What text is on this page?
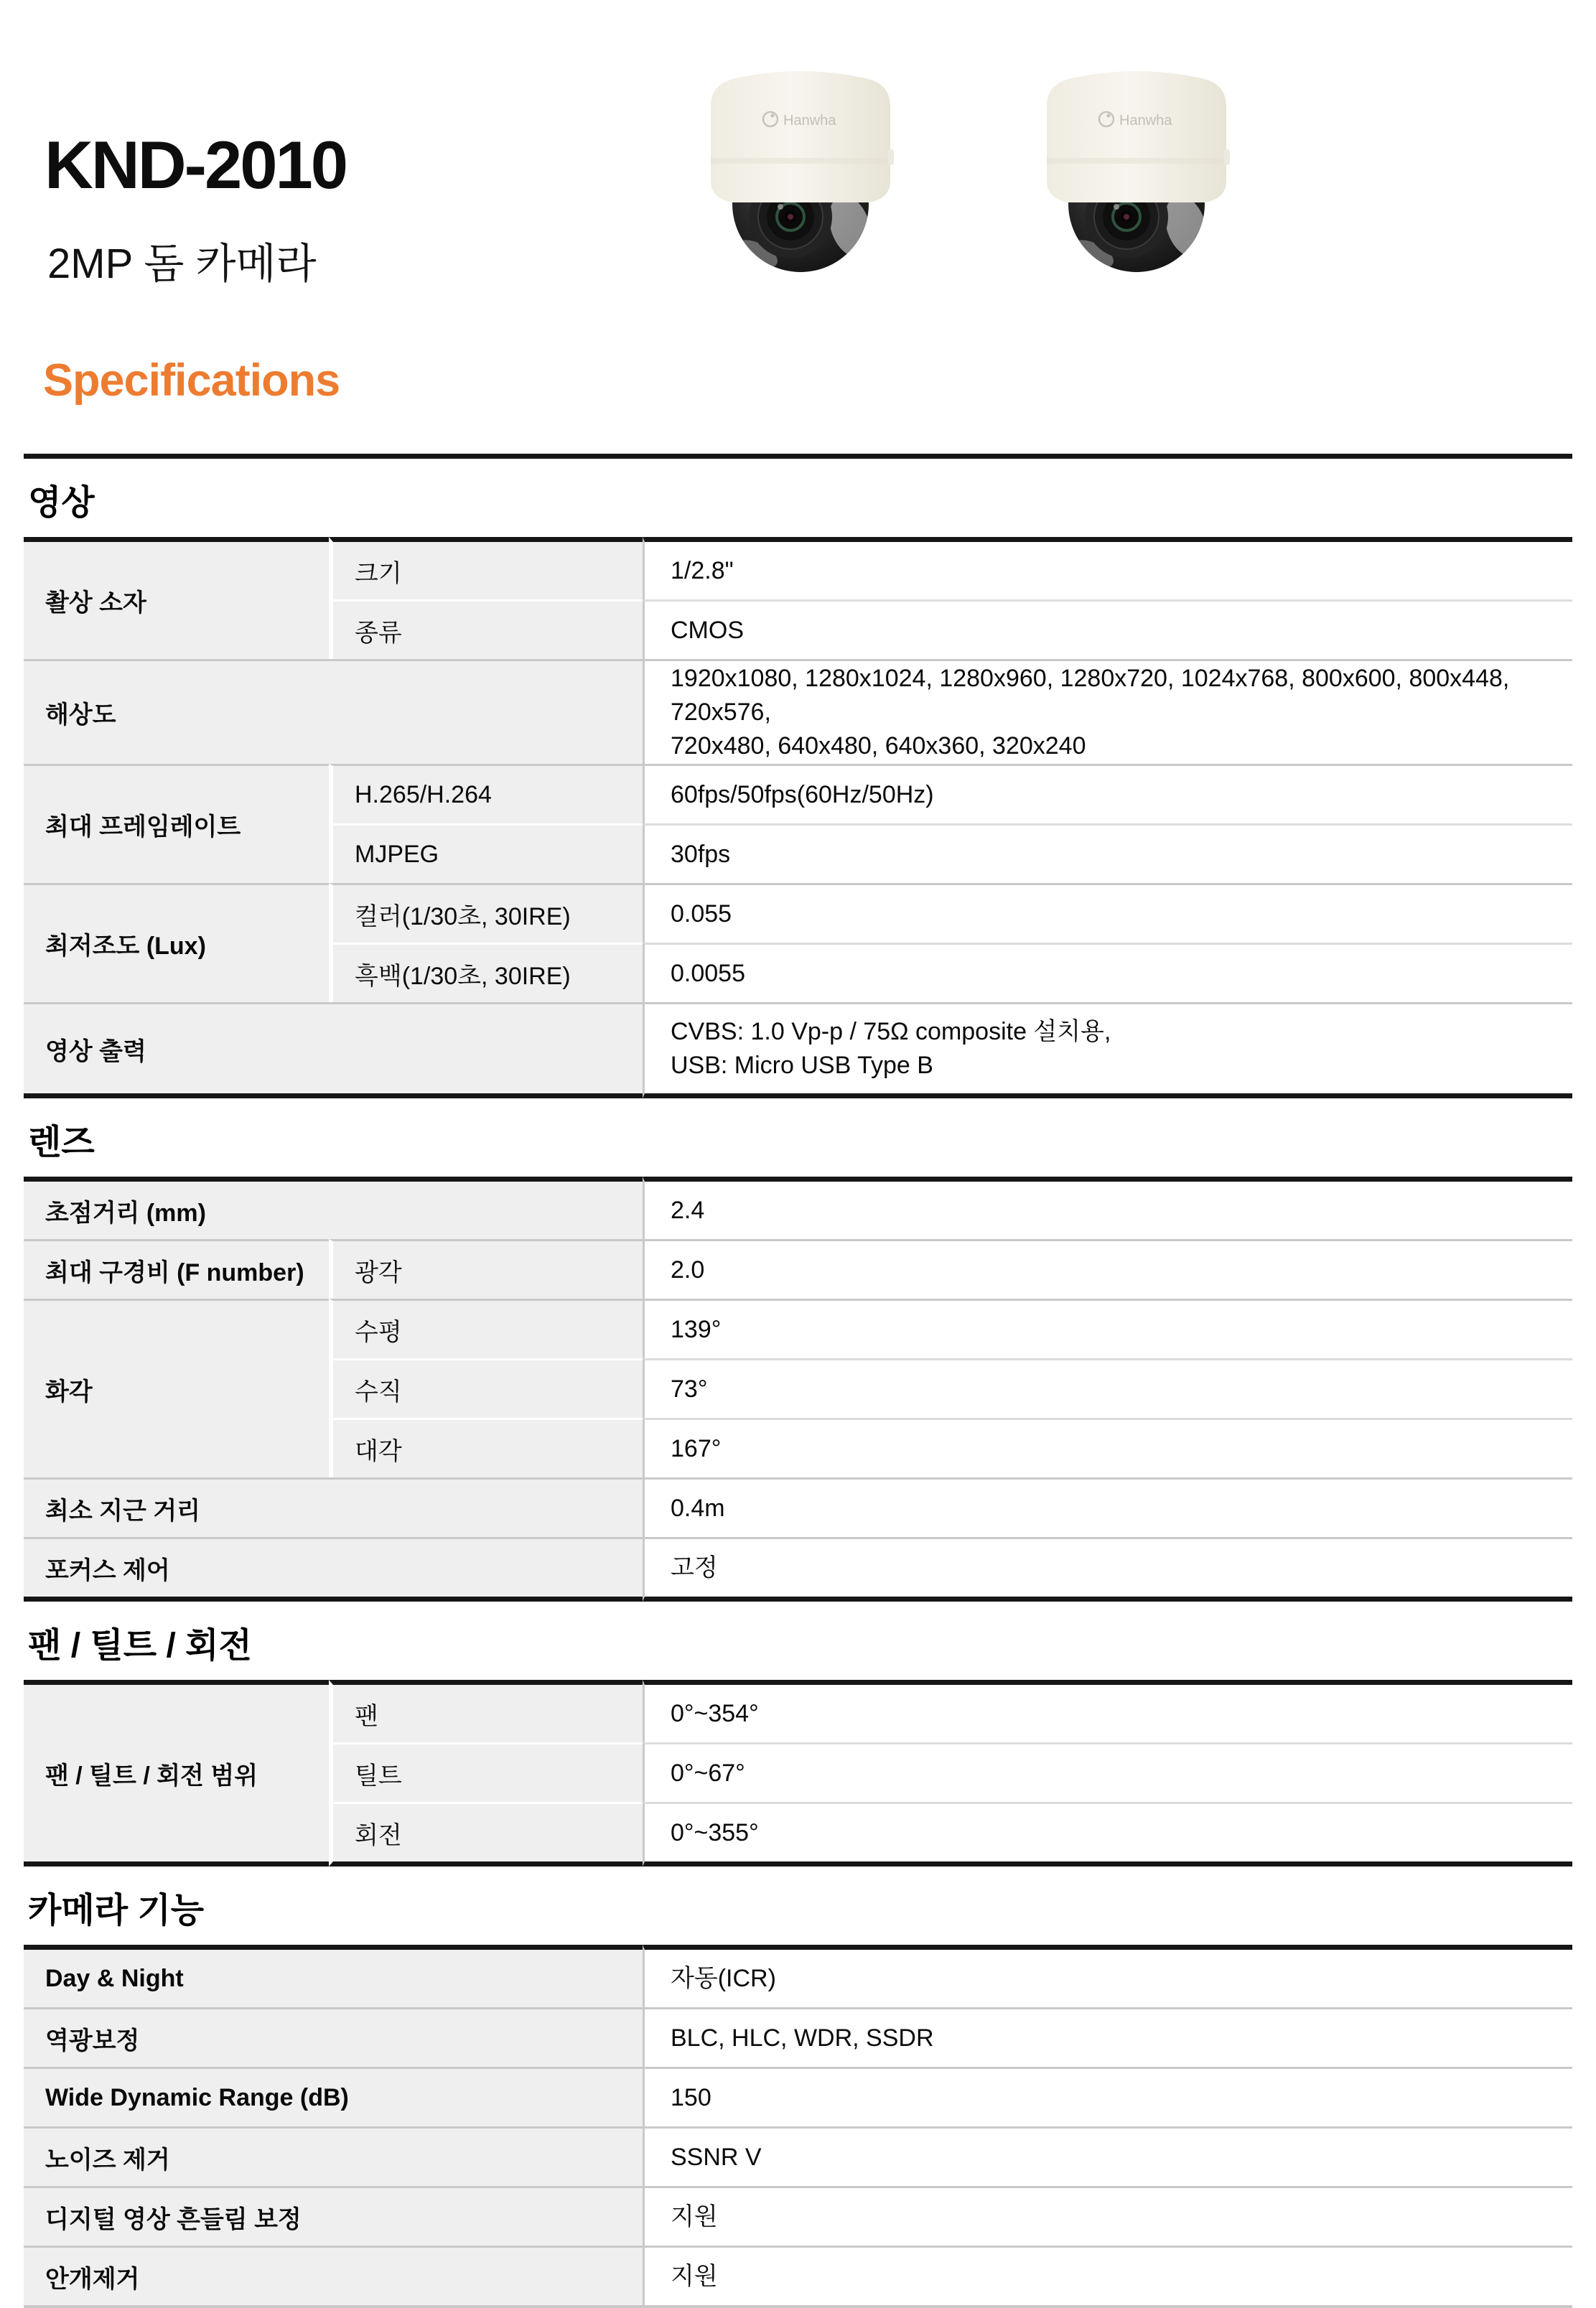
KND-2010
2MP 돔 카메라
Specifications
영상
촬상 소자	크기	1/2.8"
	종류	CMOS
해상도		1920x1080, 1280x1024, 1280x960, 1280x720, 1024x768, 800x600, 800x448, 720x576,
720x480, 640x480, 640x360, 320x240

최대 프레임레이트	H.265/H.264	60fps/50fps(60Hz/50Hz)
	MJPEG	30fps
최저조도 (Lux)	컬러(1/30초, 30IRE)	0.055
	흑백(1/30초, 30IRE)	0.0055
영상 출력		CVBS: 1.0 Vp-p / 75Ω composite 설치용,
USB: Micro USB Type B
렌즈
초점거리 (mm)		2.4
최대 구경비 (F number)	광각	2.0
화각	수평	139°
	수직	73°
	대각	167°
최소 지근 거리		0.4m
포커스 제어		고정
팬 / 틸트 / 회전
팬 / 틸트 / 회전 범위	팬	0°~354°
	틸트	0°~67°
	회전	0°~355°
카메라 기능
Day & Night	자동(ICR)
역광보정	BLC, HLC, WDR, SSDR
Wide Dynamic Range (dB)	150
노이즈 제거	SSNR V
디지털 영상 흔들림 보정	지원
안개제거	지원
